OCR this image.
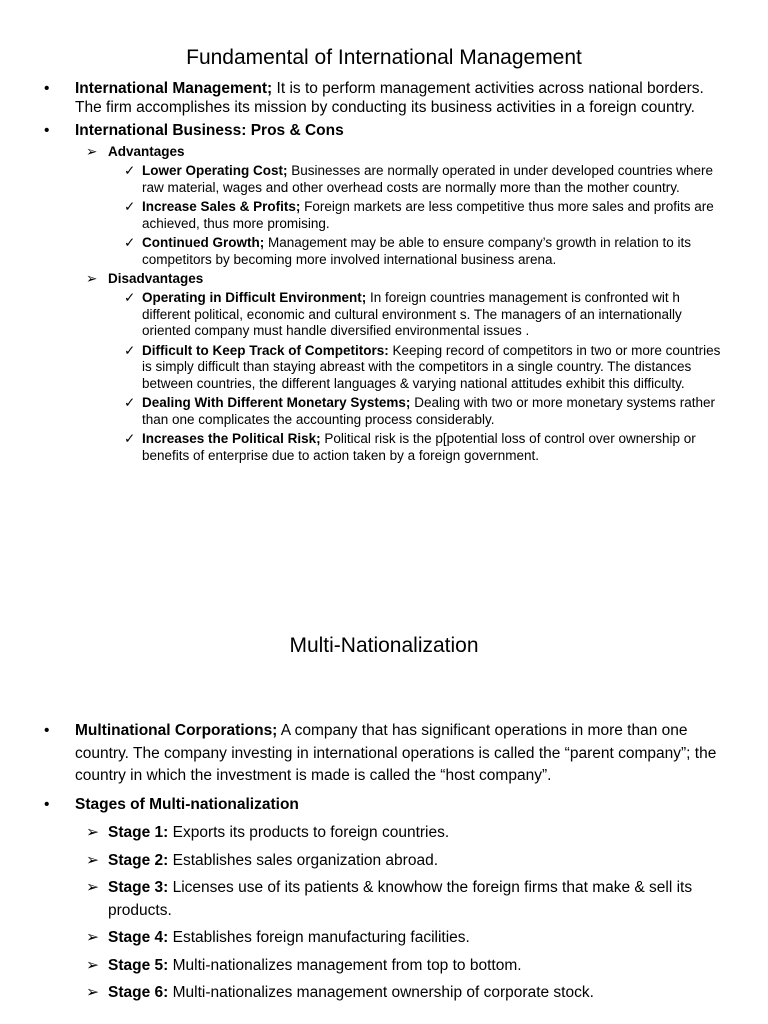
Fundamental of International Management
• International Management; It is to perform management activities across national borders. The firm accomplishes its mission by conducting its business activities in a foreign country.
• International Business: Pros & Cons
➢ Advantages
✓ Lower Operating Cost; Businesses are normally operated in under developed countries where raw material, wages and other overhead costs are normally more than the mother country.
✓ Increase Sales & Profits; Foreign markets are less competitive thus more sales and profits are achieved, thus more promising.
✓ Continued Growth; Management may be able to ensure company’s growth in relation to its competitors by becoming more involved international business arena.
➢ Disadvantages
✓ Operating in Difficult Environment; In foreign countries management is confronted wit h different political, economic and cultural environment s. The managers of an internationally oriented company must handle diversified environmental issues .
✓ Difficult to Keep Track of Competitors: Keeping record of competitors in two or more countries is simply difficult than staying abreast with the competitors in a single country. The distances between countries, the different languages & varying national attitudes exhibit this difficulty.
✓ Dealing With Different Monetary Systems; Dealing with two or more monetary systems rather than one complicates the accounting process considerably.
✓ Increases the Political Risk; Political risk is the p[potential loss of control over ownership or benefits of enterprise due to action taken by a foreign government.
Multi-Nationalization
• Multinational Corporations; A company that has significant operations in more than one country. The company investing in international operations is called the “parent company”; the country in which the investment is made is called the “host company”.
• Stages of Multi-nationalization
➢ Stage 1: Exports its products to foreign countries.
➢ Stage 2: Establishes sales organization abroad.
➢ Stage 3: Licenses use of its patients & knowhow the foreign firms that make & sell its products.
➢ Stage 4: Establishes foreign manufacturing facilities.
➢ Stage 5: Multi-nationalizes management from top to bottom.
➢ Stage 6: Multi-nationalizes management ownership of corporate stock.
